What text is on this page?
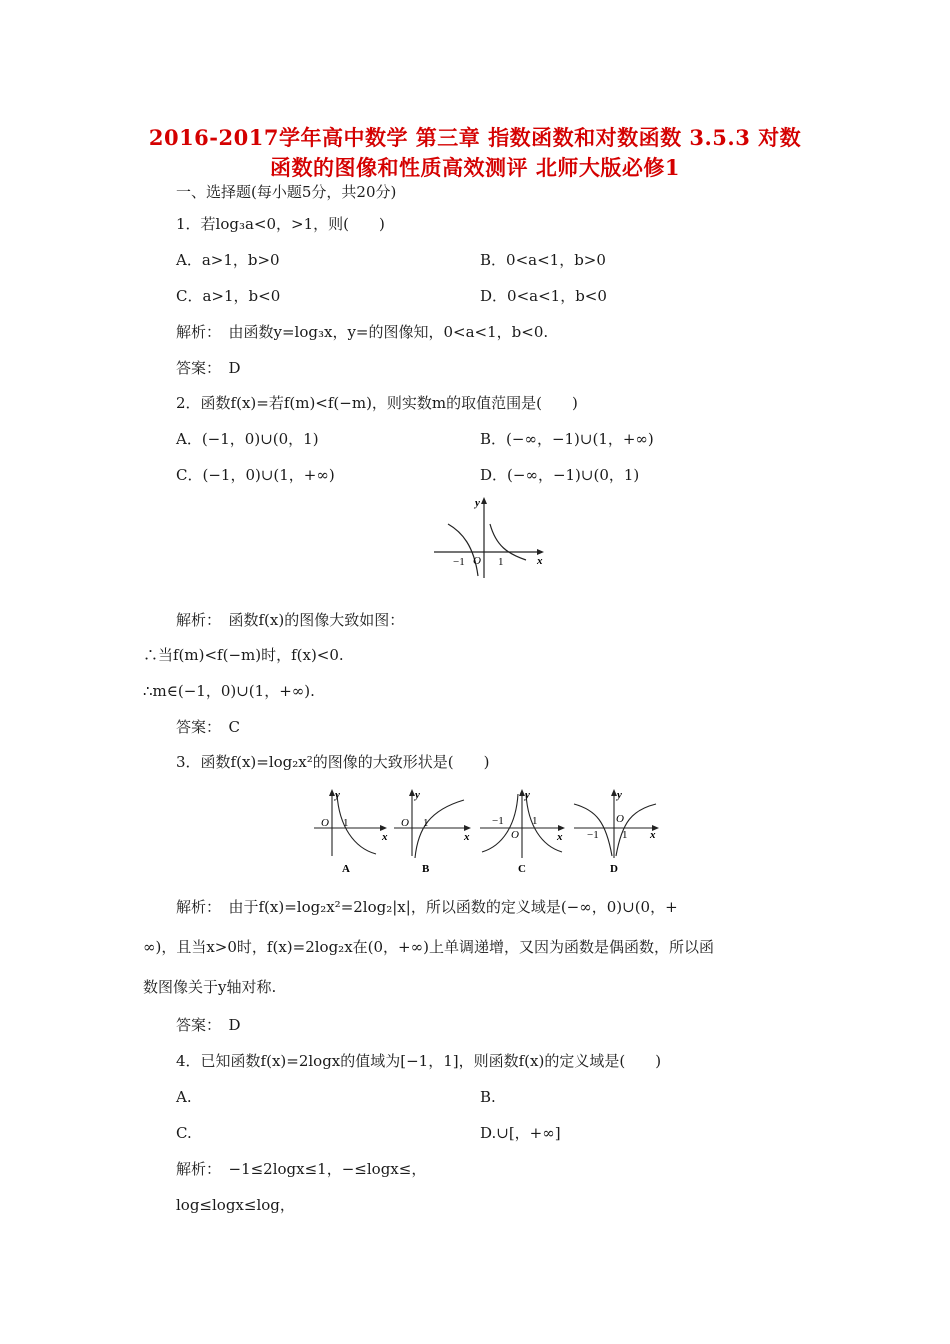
2016-2017学年高中数学 第三章 指数函数和对数函数 3.5.3 对数
函数的图像和性质高效测评 北师大版必修1
一、选择题(每小题5分，共20分)
1．若log₃a<0，>1，则(　　)
A．a>1，b>0	B．0<a<1，b>0
C．a>1，b<0	D．0<a<1，b<0
解析：　由函数y=log₃x，y=的图像知，0<a<1，b<0.
答案：　D
2．函数f(x)=若f(m)<f(−m)，则实数m的取值范围是(　　)
A．(−1，0)∪(0，1)	B．(−∞，−1)∪(1，+∞)
C．(−1，0)∪(1，+∞)	D．(−∞，−1)∪(0，1)
y
x
−1 O 1
解析：　函数f(x)的图像大致如图：
∴当f(m)<f(−m)时，f(x)<0.
∴m∈(−1，0)∪(1，+∞).
答案：　C
3．函数f(x)=log₂x²的图像的大致形状是(　　)
y
O 1
x
A
y
O 1
x
B
y
−1
O
1
x
C
y
O
−1 1 x
D
解析：　由于f(x)=log₂x²=2log₂|x|，所以函数的定义域是(−∞，0)∪(0，+
∞)，且当x>0时，f(x)=2log₂x在(0，+∞)上单调递增，又因为函数是偶函数，所以函
数图像关于y轴对称.
答案：　D
4．已知函数f(x)=2logx的值域为[−1，1]，则函数f(x)的定义域是(　　)
A.	B.
C.	D.∪[，+∞]
解析：　−1≤2logx≤1，−≤logx≤，
log≤logx≤log，
